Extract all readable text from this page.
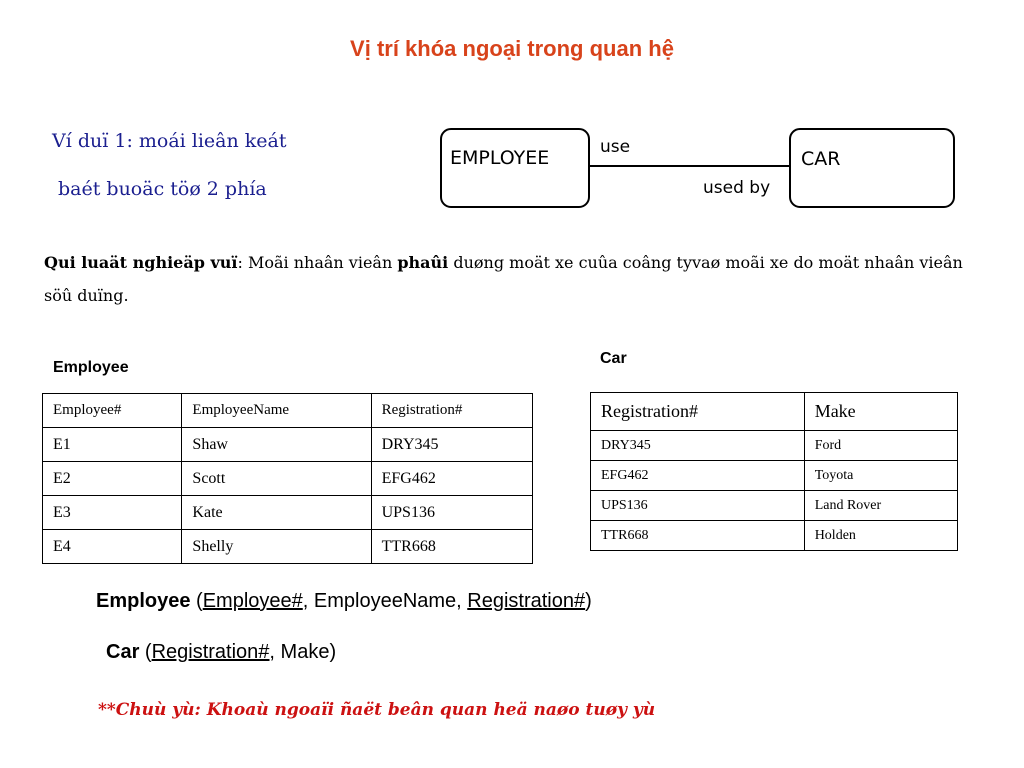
Vị trí khóa ngoại trong quan hệ
Ví duï 1: moái lieân keát
baét buoäc töø 2 phía
EMPLOYEE	CAR
use
used by
Qui luaät nghieäp vuï: Moãi nhaân vieân phaûi duøng moät xe cuûa coâng tyvaø moãi xe do moät nhaân vieân söû duïng.
Employee
Car
Employee#	EmployeeName	Registration#
E1	Shaw	DRY345
E2	Scott	EFG462
E3	Kate	UPS136
E4	Shelly	TTR668
Registration#	Make
DRY345	Ford
EFG462	Toyota
UPS136	Land Rover
TTR668	Holden
Employee (Employee#, EmployeeName, Registration#)
Car (Registration#, Make)
**Chuù yù: Khoaù ngoaïi ñaët beân quan heä naøo tuøy yù
